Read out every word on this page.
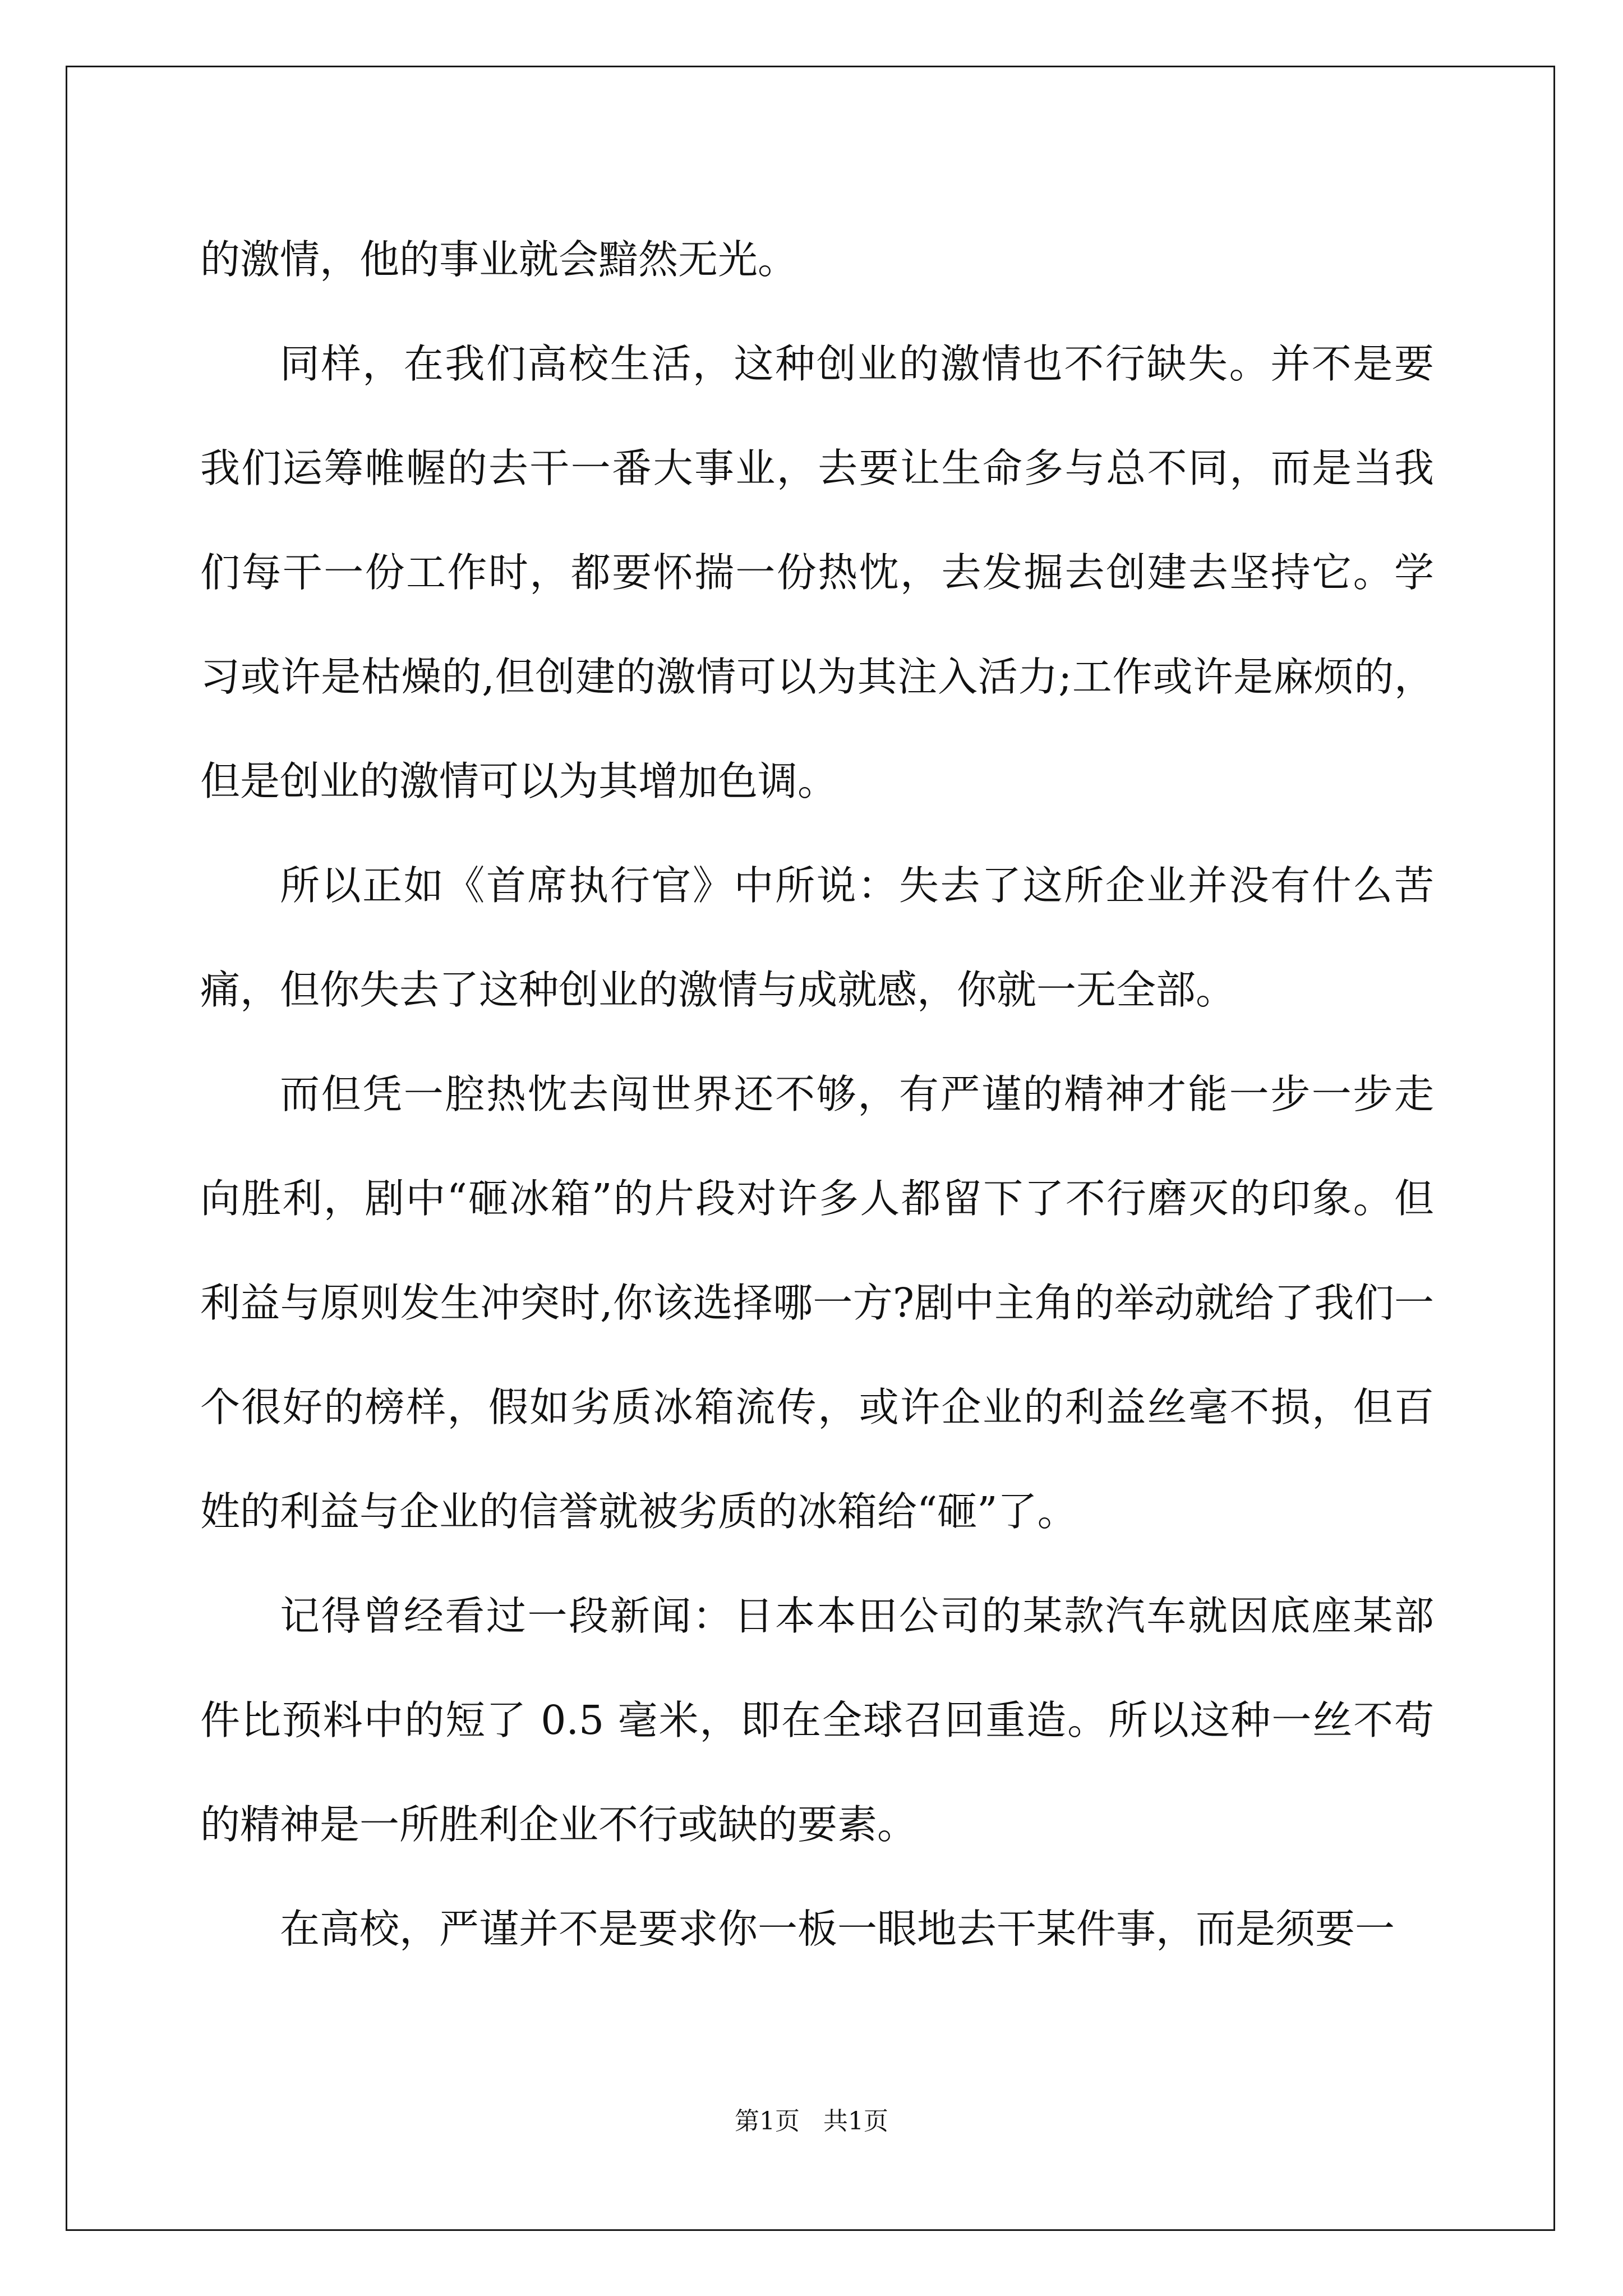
的激情，他的事业就会黯然无光。

同样，在我们高校生活，这种创业的激情也不行缺失。并不是要我们运筹帷幄的去干一番大事业，去要让生命多与总不同，而是当我们每干一份工作时，都要怀揣一份热忱，去发掘去创建去坚持它。学习或许是枯燥的,但创建的激情可以为其注入活力;工作或许是麻烦的，但是创业的激情可以为其增加色调。

所以正如《首席执行官》中所说：失去了这所企业并没有什么苦痛，但你失去了这种创业的激情与成就感，你就一无全部。

而但凭一腔热忱去闯世界还不够，有严谨的精神才能一步一步走向胜利，剧中“砸冰箱”的片段对许多人都留下了不行磨灭的印象。但利益与原则发生冲突时,你该选择哪一方?剧中主角的举动就给了我们一个很好的榜样，假如劣质冰箱流传，或许企业的利益丝毫不损，但百姓的利益与企业的信誉就被劣质的冰箱给“砸”了。

记得曾经看过一段新闻：日本本田公司的某款汽车就因底座某部件比预料中的短了 0.5 毫米，即在全球召回重造。所以这种一丝不苟的精神是一所胜利企业不行或缺的要素。

在高校，严谨并不是要求你一板一眼地去干某件事，而是须要一

第1页   共1页
